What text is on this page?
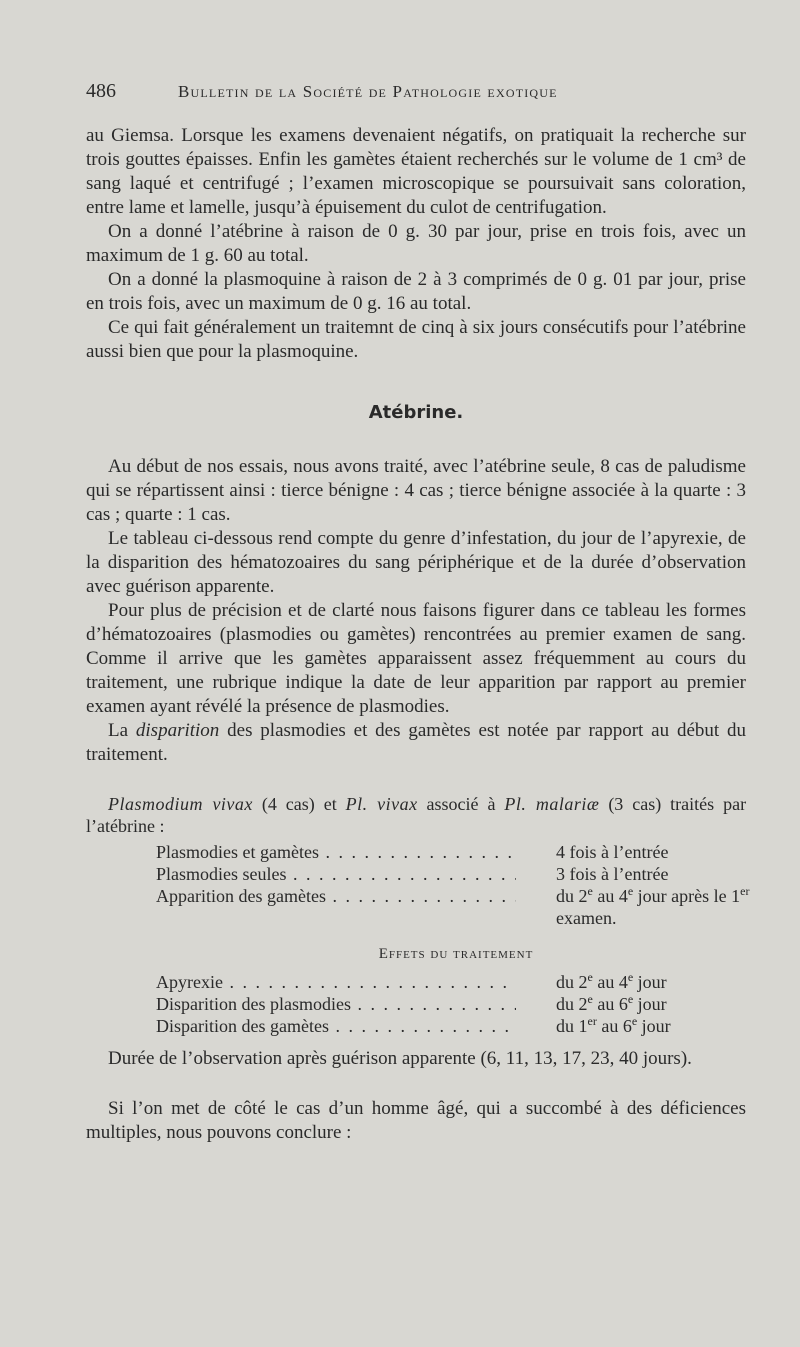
486	Bulletin de la Société de Pathologie exotique

au Giemsa. Lorsque les examens devenaient négatifs, on pratiquait la recherche sur trois gouttes épaisses. Enfin les gamètes étaient recherchés sur le volume de 1 cm³ de sang laqué et centrifugé ; l’examen microscopique se poursuivait sans coloration, entre lame et lamelle, jusqu’à épuisement du culot de centrifugation.

On a donné l’atébrine à raison de 0 g. 30 par jour, prise en trois fois, avec un maximum de 1 g. 60 au total.

On a donné la plasmoquine à raison de 2 à 3 comprimés de 0 g. 01 par jour, prise en trois fois, avec un maximum de 0 g. 16 au total.

Ce qui fait généralement un traitemnt de cinq à six jours consécutifs pour l’atébrine aussi bien que pour la plasmoquine.

Atébrine.

Au début de nos essais, nous avons traité, avec l’atébrine seule, 8 cas de paludisme qui se répartissent ainsi : tierce bénigne : 4 cas ; tierce bénigne associée à la quarte : 3 cas ; quarte : 1 cas.

Le tableau ci-dessous rend compte du genre d’infestation, du jour de l’apyrexie, de la disparition des hématozoaires du sang périphérique et de la durée d’observation avec guérison apparente.

Pour plus de précision et de clarté nous faisons figurer dans ce tableau les formes d’hématozoaires (plasmodies ou gamètes) rencontrées au premier examen de sang. Comme il arrive que les gamètes apparaissent assez fréquemment au cours du traitement, une rubrique indique la date de leur apparition par rapport au premier examen ayant révélé la présence de plasmodies.

La disparition des plasmodies et des gamètes est notée par rapport au début du traitement.

Plasmodium vivax (4 cas) et Pl. vivax associé à Pl. malariæ (3 cas) traités par l’atébrine :

Plasmodies et gamètes . . .	4 fois à l’entrée
Plasmodies seules . . .	3 fois à l’entrée
Apparition des gamètes . . .	du 2e au 4e jour après le 1er examen.
Effets du traitement
Apyrexie . . .	du 2e au 4e jour
Disparition des plasmodies . . .	du 2e au 6e jour
Disparition des gamètes . . .	du 1er au 6e jour

Durée de l’observation après guérison apparente (6, 11, 13, 17, 23, 40 jours).

Si l’on met de côté le cas d’un homme âgé, qui a succombé à des déficiences multiples, nous pouvons conclure :
